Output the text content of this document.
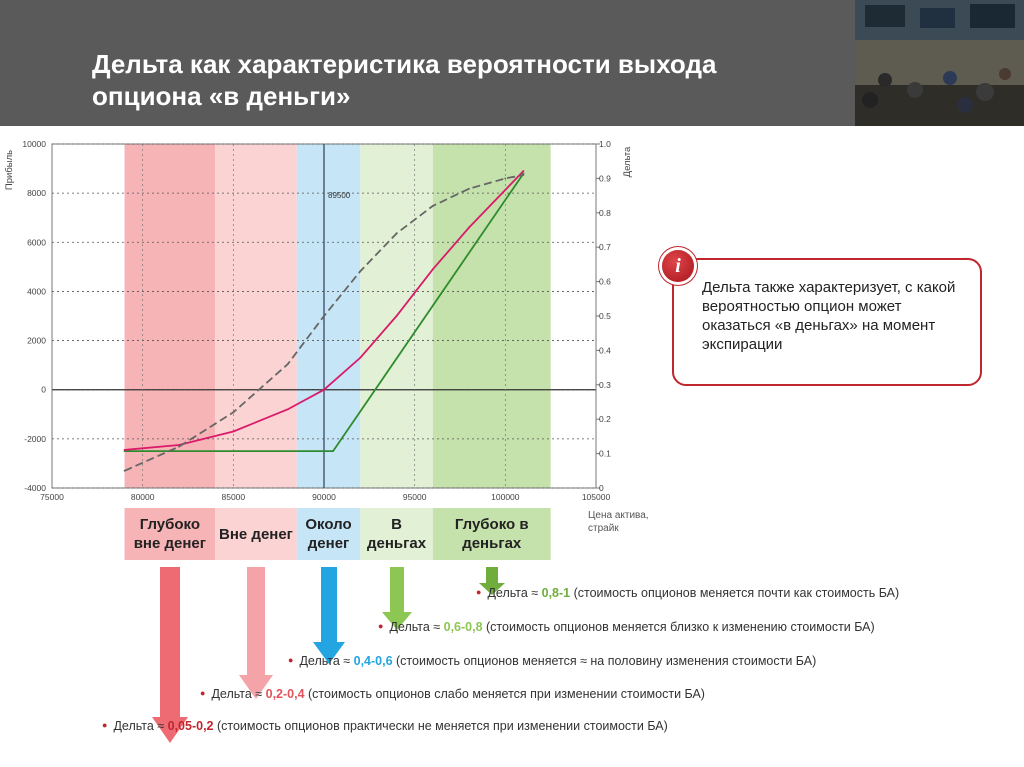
Дельта как характеристика вероятности выхода опциона «в деньги»
-4000
-2000
0
2000
4000
6000
8000
10000
75000	80000	85000	90000	95000	100000	105000
0
0.1
0.2
0.3
0.4
0.5
0.6
0.7
0.8
0.9
1.0
Прибыль	Дельта
Цена актива,
страйк
89500
Глубоко вне денег
Вне денег
Около денег
В деньгах
Глубоко в деньгах
● Дельта ≈ 0,8-1 (стоимость опционов меняется почти как стоимость БА)
● Дельта ≈ 0,6-0,8 (стоимость опционов меняется близко к изменению стоимости БА)
● Дельта ≈ 0,4-0,6 (стоимость опционов меняется ≈ на половину изменения стоимости БА)
● Дельта ≈ 0,2-0,4 (стоимость опционов слабо меняется при изменении стоимости БА)
● Дельта ≈ 0,05-0,2 (стоимость опционов практически не меняется при изменении стоимости БА)
i
Дельта также характеризует, с какой вероятностью опцион может оказаться «в деньгах» на момент экспирации
